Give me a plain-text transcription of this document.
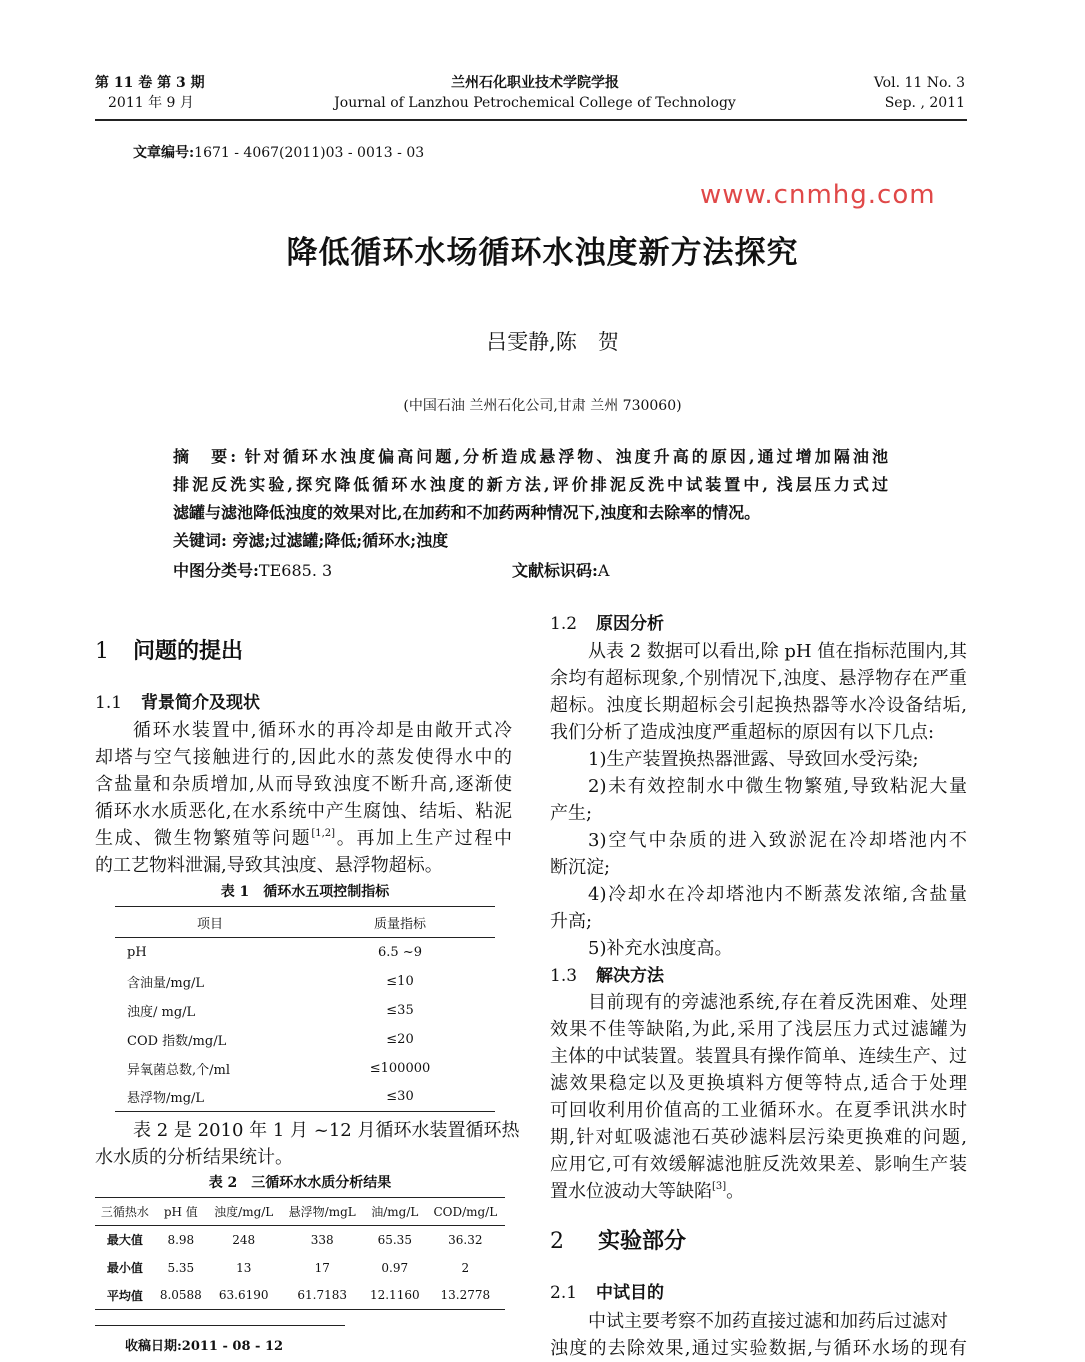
第 11 卷 第 3 期
2011 年 9 月
兰州石化职业技术学院学报
Journal of Lanzhou Petrochemical College of Technology
Vol. 11 No. 3
Sep. , 2011
文章编号:1671 - 4067(2011)03 - 0013 - 03
www.cnmhg.com
降低循环水场循环水浊度新方法探究
吕雯静,陈　贺
(中国石油 兰州石化公司,甘肃 兰州 730060)
摘　要: 针对循环水浊度偏高问题,分析造成悬浮物、浊度升高的原因,通过增加隔油池
排泥反洗实验,探究降低循环水浊度的新方法,评价排泥反洗中试装置中, 浅层压力式过
滤罐与滤池降低浊度的效果对比,在加药和不加药两种情况下,浊度和去除率的情况。
关键词: 旁滤;过滤罐;降低;循环水;浊度
中图分类号:TE685. 3	文献标识码:A
1 问题的提出
1.1 背景简介及现状
循环水装置中,循环水的再冷却是由敞开式冷
却塔与空气接触进行的,因此水的蒸发使得水中的
含盐量和杂质增加,从而导致浊度不断升高,逐渐使
循环水水质恶化,在水系统中产生腐蚀、结垢、粘泥
生成、微生物繁殖等问题[1,2]。再加上生产过程中
的工艺物料泄漏,导致其浊度、悬浮物超标。
表 1　循环水五项控制指标
项目	质量指标
pH	6.5 ~9
含油量/mg/L	≤10
浊度/ mg/L	≤35
COD 指数/mg/L	≤20
异氧菌总数,个/ml	≤100000
悬浮物/mg/L	≤30
表 2 是 2010 年 1 月 ~12 月循环水装置循环热
水水质的分析结果统计。
表 2　三循环水水质分析结果
三循热水	pH 值	浊度/mg/L	悬浮物/mgL	油/mg/L	COD/mg/L
最大值	8.98	248	338	65.35	36.32
最小值	5.35	13	17	0.97	2
平均值	8.0588	63.6190	61.7183	12.1160	13.2778
收稿日期:2011 - 08 - 12
1.2 原因分析
从表 2 数据可以看出,除 pH 值在指标范围内,其
余均有超标现象,个别情况下,浊度、悬浮物存在严重
超标。浊度长期超标会引起换热器等水冷设备结垢,
我们分析了造成浊度严重超标的原因有以下几点:
1)生产装置换热器泄露、导致回水受污染;
2)未有效控制水中微生物繁殖,导致粘泥大量
产生;
3)空气中杂质的进入致淤泥在冷却塔池内不
断沉淀;
4)冷却水在冷却塔池内不断蒸发浓缩,含盐量
升高;
5)补充水浊度高。
1.3 解决方法
目前现有的旁滤池系统,存在着反洗困难、处理
效果不佳等缺陷,为此,采用了浅层压力式过滤罐为
主体的中试装置。装置具有操作简单、连续生产、过
滤效果稳定以及更换填料方便等特点,适合于处理
可回收利用价值高的工业循环水。在夏季讯洪水时
期,针对虹吸滤池石英砂滤料层污染更换难的问题,
应用它,可有效缓解滤池脏反洗效果差、影响生产装
置水位波动大等缺陷[3]。
2 实验部分
2.1 中试目的
中试主要考察不加药直接过滤和加药后过滤对
浊度的去除效果,通过实验数据,与循环水场的现有
